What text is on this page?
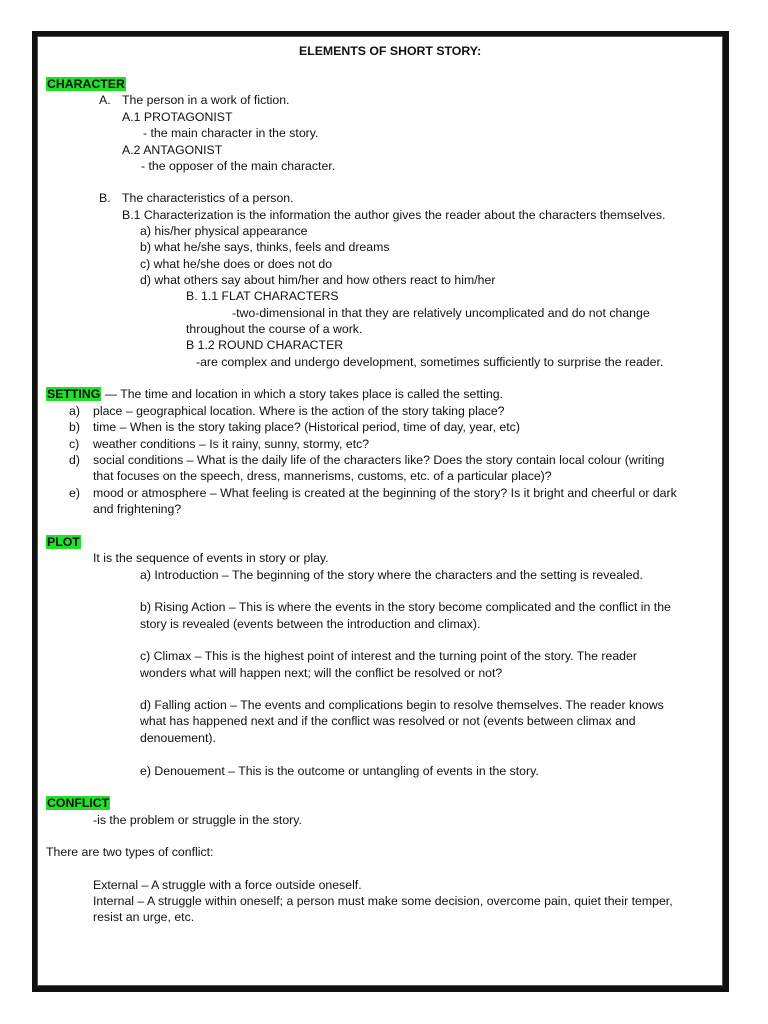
ELEMENTS OF SHORT STORY:
CHARACTER
A. The person in a work of fiction.
A.1 PROTAGONIST
- the main character in the story.
A.2 ANTAGONIST
- the opposer of the main character.
B. The characteristics of a person.
B.1 Characterization is the information the author gives the reader about the characters themselves.
a) his/her physical appearance
b) what he/she says, thinks, feels and dreams
c) what he/she does or does not do
d) what others say about him/her and how others react to him/her
B. 1.1 FLAT CHARACTERS
-two-dimensional in that they are relatively uncomplicated and do not change
throughout the course of a work.
B 1.2 ROUND CHARACTER
-are complex and undergo development, sometimes sufficiently to surprise the reader.
SETTING — The time and location in which a story takes place is called the setting.
a) place – geographical location. Where is the action of the story taking place?
b) time – When is the story taking place? (Historical period, time of day, year, etc)
c) weather conditions – Is it rainy, sunny, stormy, etc?
d) social conditions – What is the daily life of the characters like? Does the story contain local colour (writing
that focuses on the speech, dress, mannerisms, customs, etc. of a particular place)?
e) mood or atmosphere – What feeling is created at the beginning of the story? Is it bright and cheerful or dark
and frightening?
PLOT
It is the sequence of events in story or play.
a) Introduction – The beginning of the story where the characters and the setting is revealed.
b) Rising Action – This is where the events in the story become complicated and the conflict in the
story is revealed (events between the introduction and climax).
c) Climax – This is the highest point of interest and the turning point of the story. The reader
wonders what will happen next; will the conflict be resolved or not?
d) Falling action – The events and complications begin to resolve themselves. The reader knows
what has happened next and if the conflict was resolved or not (events between climax and
denouement).
e) Denouement – This is the outcome or untangling of events in the story.
CONFLICT
-is the problem or struggle in the story.
There are two types of conflict:
External – A struggle with a force outside oneself.
Internal – A struggle within oneself; a person must make some decision, overcome pain, quiet their temper,
resist an urge, etc.
